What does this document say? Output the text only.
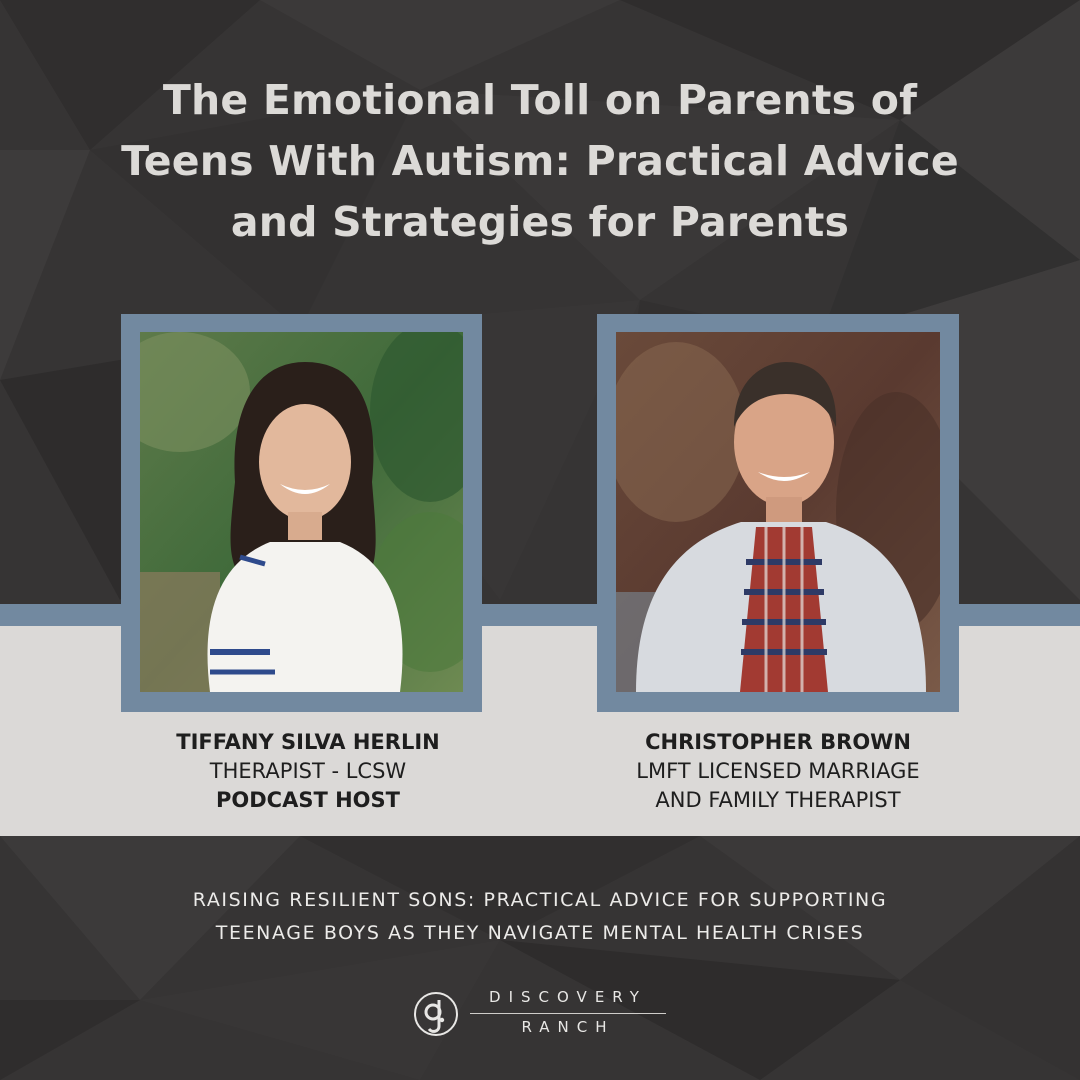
The Emotional Toll on Parents of
Teens With Autism: Practical Advice
and Strategies for Parents
TIFFANY SILVA HERLIN
THERAPIST - LCSW
PODCAST HOST
CHRISTOPHER BROWN
LMFT LICENSED MARRIAGE
AND FAMILY THERAPIST
RAISING RESILIENT SONS: PRACTICAL ADVICE FOR SUPPORTING
TEENAGE BOYS AS THEY NAVIGATE MENTAL HEALTH CRISES
DISCOVERY
RANCH
